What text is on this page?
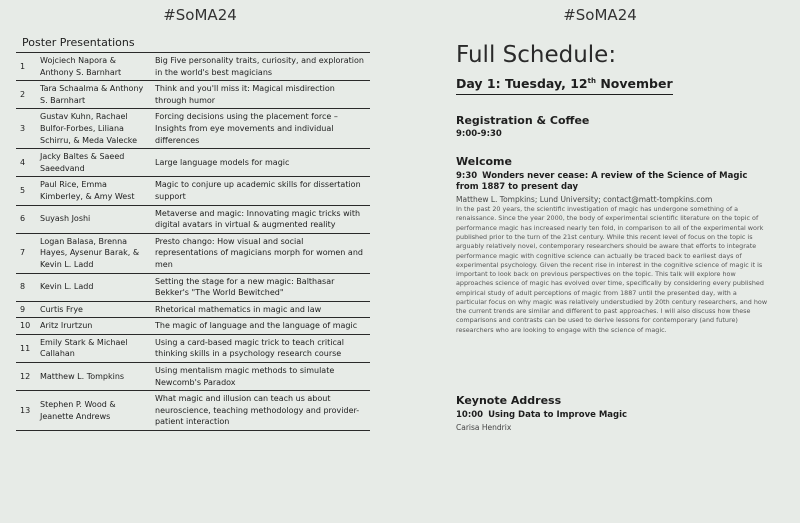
#SoMA24
Poster Presentations
1	Wojciech Napora & Anthony S. Barnhart	Big Five personality traits, curiosity, and exploration in the world's best magicians
2	Tara Schaalma & Anthony S. Barnhart	Think and you'll miss it: Magical misdirection through humor
3	Gustav Kuhn, Rachael Bulfor-Forbes, Liliana Schirru, & Meda Valecke	Forcing decisions using the placement force – Insights from eye movements and individual differences
4	Jacky Baltes & Saeed Saeedvand	Large language models for magic
5	Paul Rice, Emma Kimberley, & Amy West	Magic to conjure up academic skills for dissertation support
6	Suyash Joshi	Metaverse and magic: Innovating magic tricks with digital avatars in virtual & augmented reality
7	Logan Balasa, Brenna Hayes, Aysenur Barak, & Kevin L. Ladd	Presto chango: How visual and social representations of magicians morph for women and men
8	Kevin L. Ladd	Setting the stage for a new magic: Balthasar Bekker's "The World Bewitched"
9	Curtis Frye	Rhetorical mathematics in magic and law
10	Aritz Irurtzun	The magic of language and the language of magic
11	Emily Stark & Michael Callahan	Using a card-based magic trick to teach critical thinking skills in a psychology research course
12	Matthew L. Tompkins	Using mentalism magic methods to simulate Newcomb's Paradox
13	Stephen P. Wood & Jeanette Andrews	What magic and illusion can teach us about neuroscience, teaching methodology and provider-patient interaction
#SoMA24
Full Schedule:
Day 1: Tuesday, 12th November
Registration & Coffee
9:00-9:30
Welcome
9:30 Wonders never cease: A review of the Science of Magic from 1887 to present day
Matthew L. Tompkins; Lund University; contact@matt-tompkins.com
In the past 20 years, the scientific investigation of magic has undergone something of a renaissance. Since the year 2000, the body of experimental scientific literature on the topic of performance magic has increased nearly ten fold, in comparison to all of the experimental work published prior to the turn of the 21st century. While this recent level of focus on the topic is arguably relatively novel, contemporary researchers should be aware that efforts to integrate performance magic with cognitive science can actually be traced back to earliest days of experimental psychology. Given the recent rise in interest in the cognitive science of magic it is important to look back on previous perspectives on the topic. This talk will explore how approaches science of magic has evolved over time, specifically by considering every published empirical study of adult perceptions of magic from 1887 until the presented day, with a particular focus on why magic was relatively understudied by 20th century researchers, and how the current trends are similar and different to past approaches. I will also discuss how these comparisons and contrasts can be used to derive lessons for contemporary (and future) researchers who are looking to engage with the science of magic.
Keynote Address
10:00 Using Data to Improve Magic
Carisa Hendrix
